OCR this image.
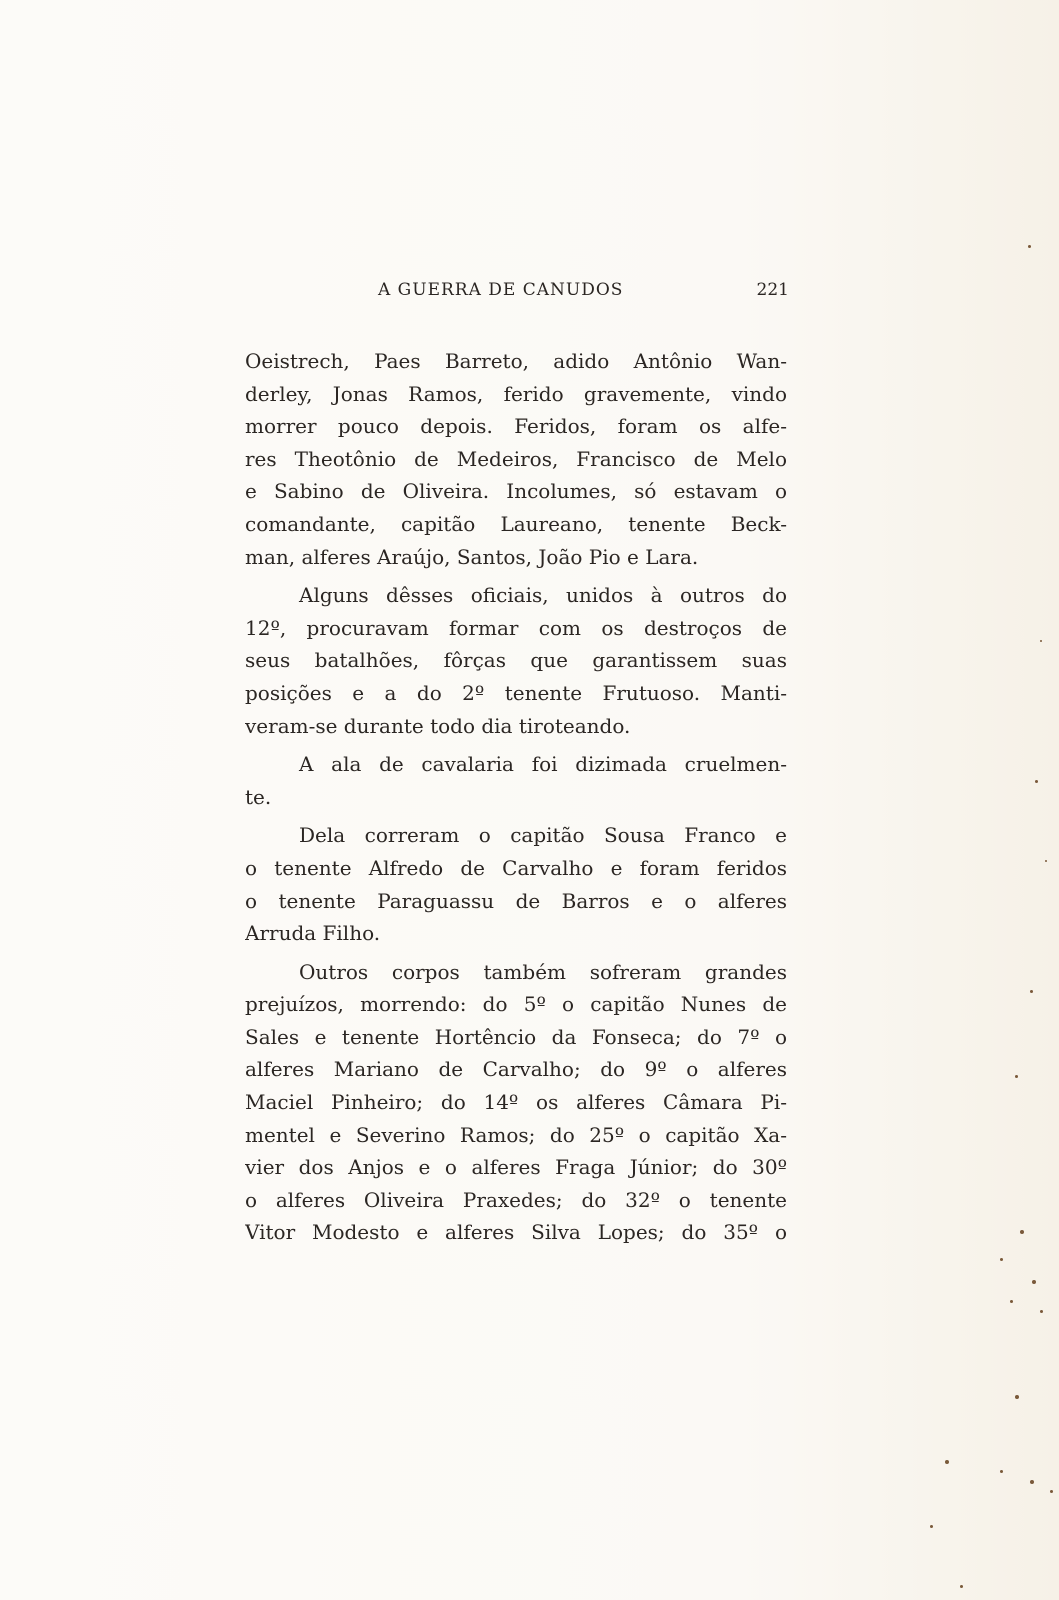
A GUERRA DE CANUDOS	221
Oeistrech, Paes Barreto, adido Antônio Wan-
derley, Jonas Ramos, ferido gravemente, vindo
morrer pouco depois. Feridos, foram os alfe-
res Theotônio de Medeiros, Francisco de Melo
e Sabino de Oliveira. Incolumes, só estavam o
comandante, capitão Laureano, tenente Beck-
man, alferes Araújo, Santos, João Pio e Lara.
Alguns dêsses oficiais, unidos à outros do
12º, procuravam formar com os destroços de
seus batalhões, fôrças que garantissem suas
posições e a do 2º tenente Frutuoso. Manti-
veram-se durante todo dia tiroteando.
A ala de cavalaria foi dizimada cruelmen-
te.
Dela correram o capitão Sousa Franco e
o tenente Alfredo de Carvalho e foram feridos
o tenente Paraguassu de Barros e o alferes
Arruda Filho.
Outros corpos também sofreram grandes
prejuízos, morrendo: do 5º o capitão Nunes de
Sales e tenente Hortêncio da Fonseca; do 7º o
alferes Mariano de Carvalho; do 9º o alferes
Maciel Pinheiro; do 14º os alferes Câmara Pi-
mentel e Severino Ramos; do 25º o capitão Xa-
vier dos Anjos e o alferes Fraga Júnior; do 30º
o alferes Oliveira Praxedes; do 32º o tenente
Vitor Modesto e alferes Silva Lopes; do 35º o
